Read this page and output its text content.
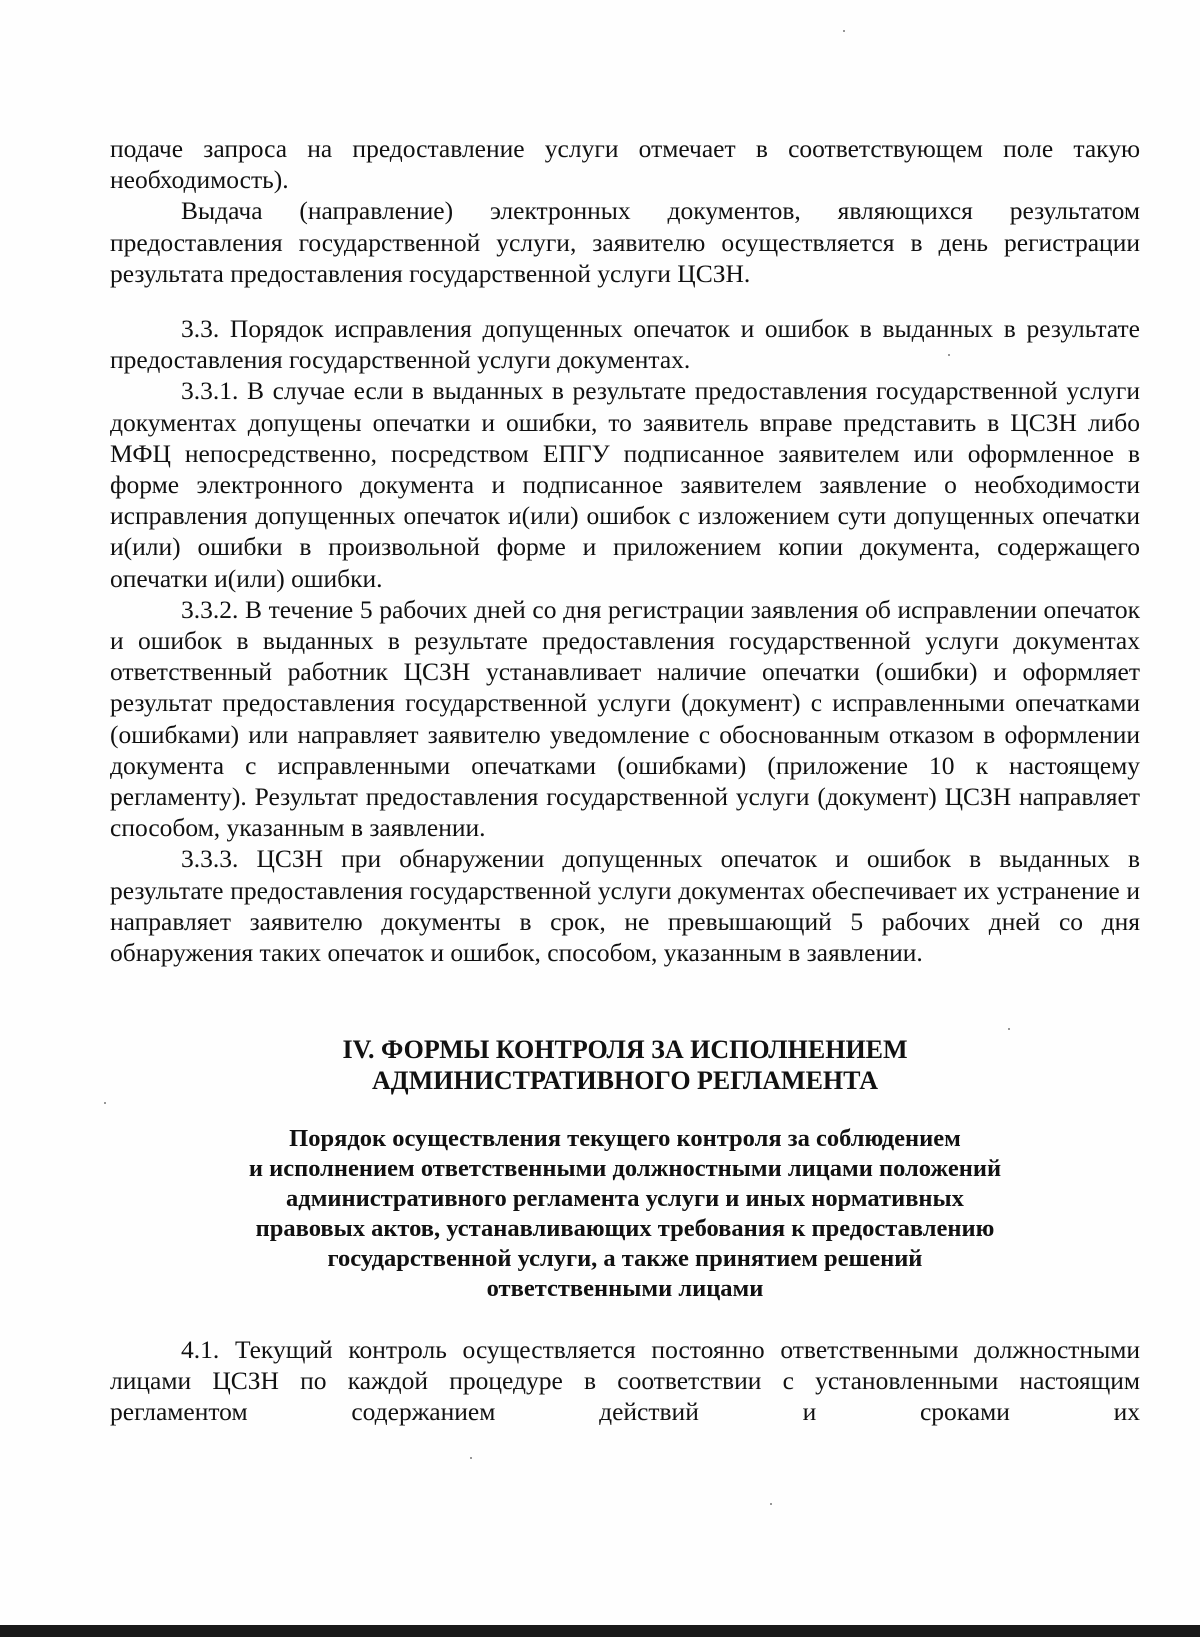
подаче запроса на предоставление услуги отмечает в соответствующем поле такую необходимость).

Выдача (направление) электронных документов, являющихся результатом предоставления государственной услуги, заявителю осуществляется в день регистрации результата предоставления государственной услуги ЦСЗН.

3.3. Порядок исправления допущенных опечаток и ошибок в выданных в результате предоставления государственной услуги документах.

3.3.1. В случае если в выданных в результате предоставления государственной услуги документах допущены опечатки и ошибки, то заявитель вправе представить в ЦСЗН либо МФЦ непосредственно, посредством ЕПГУ подписанное заявителем или оформленное в форме электронного документа и подписанное заявителем заявление о необходимости исправления допущенных опечаток и(или) ошибок с изложением сути допущенных опечатки и(или) ошибки в произвольной форме и приложением копии документа, содержащего опечатки и(или) ошибки.

3.3.2. В течение 5 рабочих дней со дня регистрации заявления об исправлении опечаток и ошибок в выданных в результате предоставления государственной услуги документах ответственный работник ЦСЗН устанавливает наличие опечатки (ошибки) и оформляет результат предоставления государственной услуги (документ) с исправленными опечатками (ошибками) или направляет заявителю уведомление с обоснованным отказом в оформлении документа с исправленными опечатками (ошибками) (приложение 10 к настоящему регламенту). Результат предоставления государственной услуги (документ) ЦСЗН направляет способом, указанным в заявлении.

3.3.3. ЦСЗН при обнаружении допущенных опечаток и ошибок в выданных в результате предоставления государственной услуги документах обеспечивает их устранение и направляет заявителю документы в срок, не превышающий 5 рабочих дней со дня обнаружения таких опечаток и ошибок, способом, указанным в заявлении.

IV. ФОРМЫ КОНТРОЛЯ ЗА ИСПОЛНЕНИЕМ
АДМИНИСТРАТИВНОГО РЕГЛАМЕНТА
Порядок осуществления текущего контроля за соблюдением
и исполнением ответственными должностными лицами положений
административного регламента услуги и иных нормативных
правовых актов, устанавливающих требования к предоставлению
государственной услуги, а также принятием решений
ответственными лицами

4.1. Текущий контроль осуществляется постоянно ответственными должностными лицами ЦСЗН по каждой процедуре в соответствии с установленными настоящим регламентом содержанием действий и сроками их
